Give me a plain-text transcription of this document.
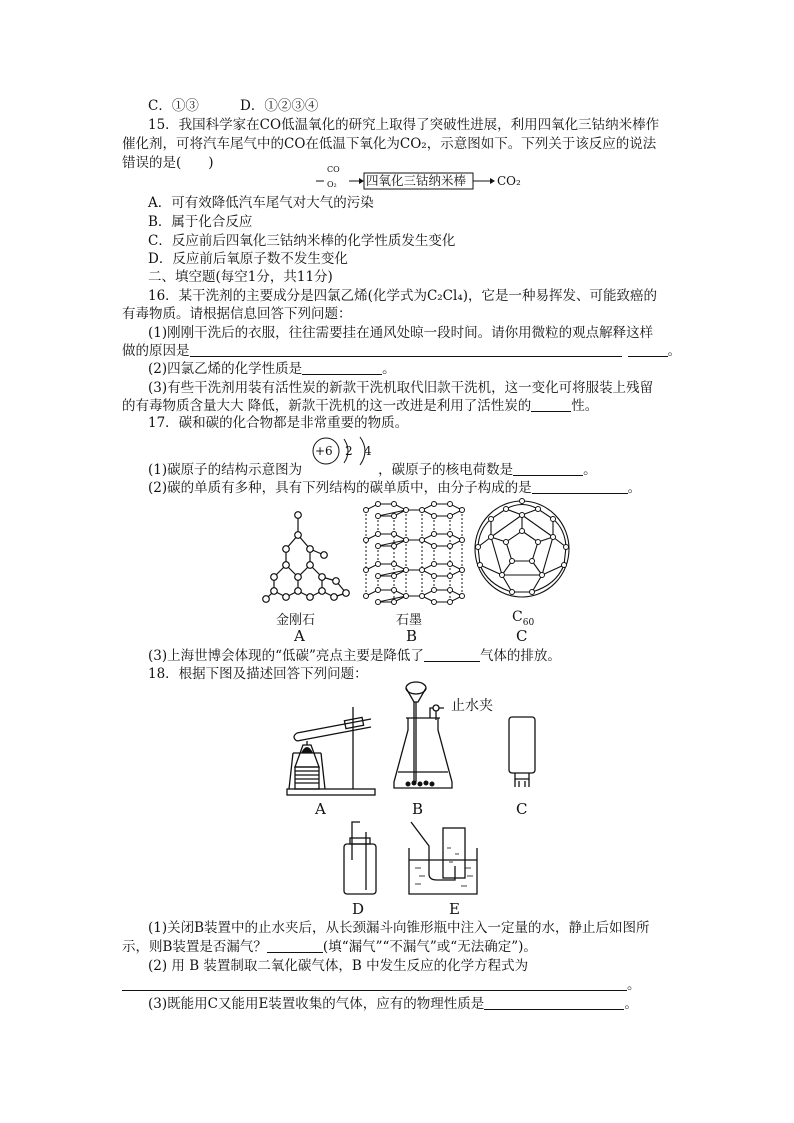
C．①③	D．①②③④
15．我国科学家在CO低温氧化的研究上取得了突破性进展，利用四氧化三钴纳米棒作
催化剂，可将汽车尾气中的CO在低温下氧化为CO₂，示意图如下。下列关于该反应的说法
错误的是(　　)	CO
O₂ 四氧化三钴纳米棒	CO₂
A．可有效降低汽车尾气对大气的污染
B．属于化合反应
C．反应前后四氧化三钴纳米棒的化学性质发生变化
D．反应前后氧原子数不发生变化
二、填空题(每空1分，共11分)
16．某干洗剂的主要成分是四氯乙烯(化学式为C₂Cl₄)，它是一种易挥发、可能致癌的
有毒物质。请根据信息回答下列问题：
(1)刚刚干洗后的衣服，往往需要挂在通风处晾一段时间。请你用微粒的观点解释这样
做的原因是	。
(2)四氯乙烯的化学性质是	。
(3)有些干洗剂用装有活性炭的新款干洗机取代旧款干洗机，这一变化可将服装上残留
的有毒物质含量大大 降低，新款干洗机的这一改进是利用了活性炭的	性。
17．碳和碳的化合物都是非常重要的物质。
+6 2 4
(1)碳原子的结构示意图为	，碳原子的核电荷数是	。
(2)碳的单质有多种，具有下列结构的碳单质中，由分子构成的是	。
金刚石	石墨	$C_{60}$
A	B	C
(3)上海世博会体现的“低碳”亮点主要是降低了	气体的排放。
18．根据下图及描述回答下列问题：
止水夹
A	B	C
D	E
(1)关闭B装置中的止水夹后，从长颈漏斗向锥形瓶中注入一定量的水，静止后如图所
示，则B装置是否漏气？	(填“漏气”“不漏气”或“无法确定”)。
(2) 用 B 装置制取二氧化碳气体，B 中发生反应的化学方程式为
。
(3)既能用C又能用E装置收集的气体，应有的物理性质是	。
